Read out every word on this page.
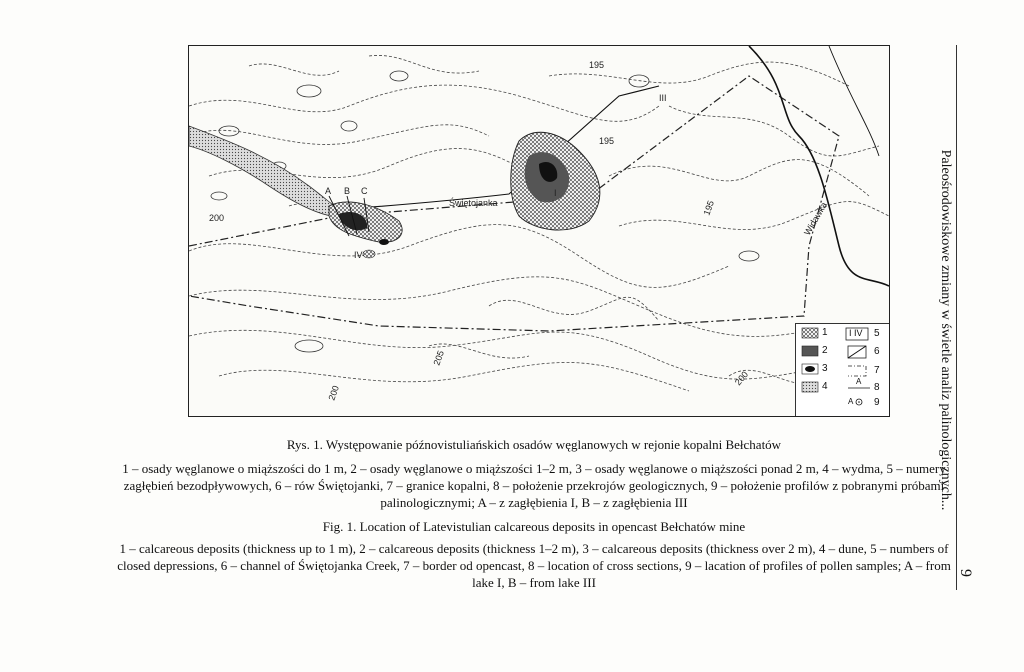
Świętojanka	Widawka
A B C	I
III
IV
200
195
205
200
195
200
195
1
2
3
4
I IV 5
6
7
A
8
A 9
Rys. 1. Występowanie późnovistuliańskich osadów węglanowych w rejonie kopalni Bełchatów
1 – osady węglanowe o miąższości do 1 m, 2 – osady węglanowe o miąższości 1–2 m, 3 – osady węglanowe o miąższości ponad 2 m, 4 – wydma, 5 – numery zagłębień bezodpływowych, 6 – rów Świętojanki, 7 – granice kopalni, 8 – położenie przekrojów geologicznych, 9 – położenie profilów z pobranymi próbami palinologicznymi; A – z zagłębienia I, B – z zagłębienia III
Fig. 1. Location of Latevistulian calcareous deposits in opencast Bełchatów mine
1 – calcareous deposits (thickness up to 1 m), 2 – calcareous deposits (thickness 1–2 m), 3 – calcareous deposits (thickness over 2 m), 4 – dune, 5 – numbers of closed depressions, 6 – channel of Świętojanka Creek, 7 – border od opencast, 8 – location of cross sections, 9 – lacation of profiles of pollen samples; A – from lake I, B – from lake III
Paleośrodowiskowe zmiany w świetle analiz palinologicznych...
9
